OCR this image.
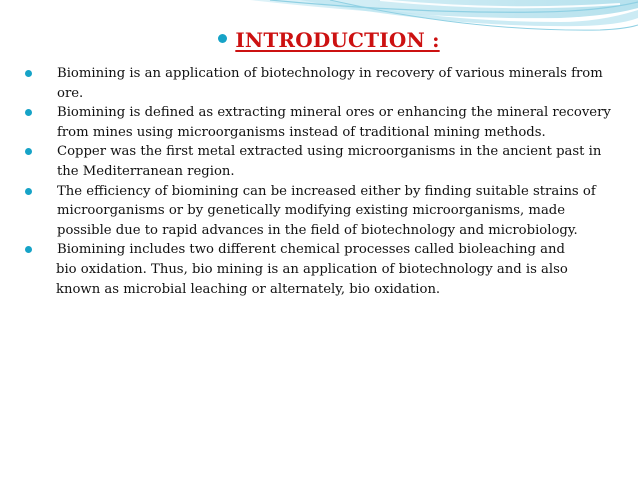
INTRODUCTION :
Biomining is an application of biotechnology in recovery of various minerals from ore.
Biomining is defined as extracting mineral ores or enhancing the mineral recovery from mines using microorganisms instead of traditional mining methods.
Copper was the first metal extracted using microorganisms in the ancient past in the Mediterranean region.
The efficiency of biomining can be increased either by finding suitable strains of microorganisms or by genetically modifying existing microorganisms, made possible due to rapid advances in the field of biotechnology and microbiology.
Biomining includes two different chemical processes called bioleaching and
bio oxidation. Thus, bio mining is an application of biotechnology and is also known as microbial leaching or alternately, bio oxidation.
